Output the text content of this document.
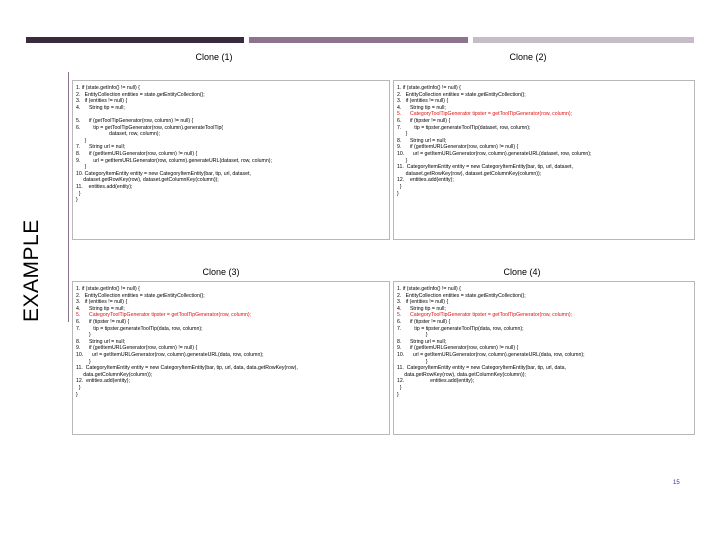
EXAMPLE
Clone (1)
1. if (state.getInfo() != null) {
2.   EntityCollection entities = state.getEntityCollection();
3.   if (entities != null) {
4.      String tip = null;

5.      if (getToolTipGenerator(row, column) != null) {
6.         tip = getToolTipGenerator(row, column).generateToolTip(
dataset, row, column);
}
7.      String url = null;
8.      if (getItemURLGenerator(row, column) != null) {
9.         url = getItemURLGenerator(row, column).generateURL(dataset, row, column);
}
10. CategoryItemEntity entity = new CategoryItemEntity(bar, tip, url, dataset,
dataset.getRowKey(row), dataset.getColumnKey(column));
11.    entities.add(entity);
}
}
Clone (2)
1. if (state.getInfo() != null) {
2.   EntityCollection entities = state.getEntityCollection();
3.   if (entities != null) {
4.      String tip = null;
5.      CategoryToolTipGenerator tipster = getToolTipGenerator(row, column);
6.      if (tipster != null) {
7.         tip = tipster.generateToolTip(dataset, row, column);
}
8.      String url = null;
9.      if (getItemURLGenerator(row, column) != null) {
10.      url = getItemURLGenerator(row, column).generateURL(dataset, row, column);
}
11.  CategoryItemEntity entity = new CategoryItemEntity(bar, tip, url, dataset,
dataset.getRowKey(row), dataset.getColumnKey(column));
12.    entities.add(entity);
}
}
Clone (3)
1. if (state.getInfo() != null) {
2.   EntityCollection entities = state.getEntityCollection();
3.   if (entities != null) {
4.      String tip = null;
5.      CategoryToolTipGenerator tipster = getToolTipGenerator(row, column);
6.      if (tipster != null) {
7.         tip = tipster.generateToolTip(data, row, column);
}
8.      String url = null;
9.      if (getItemURLGenerator(row, column) != null) {
10.      url = getItemURLGenerator(row, column).generateURL(data, row, column);
}
11.  CategoryItemEntity entity = new CategoryItemEntity(bar, tip, url, data, data.getRowKey(row),
data.getColumnKey(column));
12.  entities.add(entity);
}
}
Clone (4)
1. if (state.getInfo() != null) {
2.   EntityCollection entities = state.getEntityCollection();
3.   if (entities != null) {
4.      String tip = null;
5.      CategoryToolTipGenerator tipster = getToolTipGenerator(row, column);
6.      if (tipster != null) {
7.         tip = tipster.generateToolTip(data, row, column);
}
8.      String url = null;
9.      if (getItemURLGenerator(row, column) != null) {
10.      url = getItemURLGenerator(row, column).generateURL(data, row, column);
}
11.  CategoryItemEntity entity = new CategoryItemEntity(bar, tip, url, data,
data.getRowKey(row), data.getColumnKey(column));
12.                  entities.add(entity);
}
}
15
